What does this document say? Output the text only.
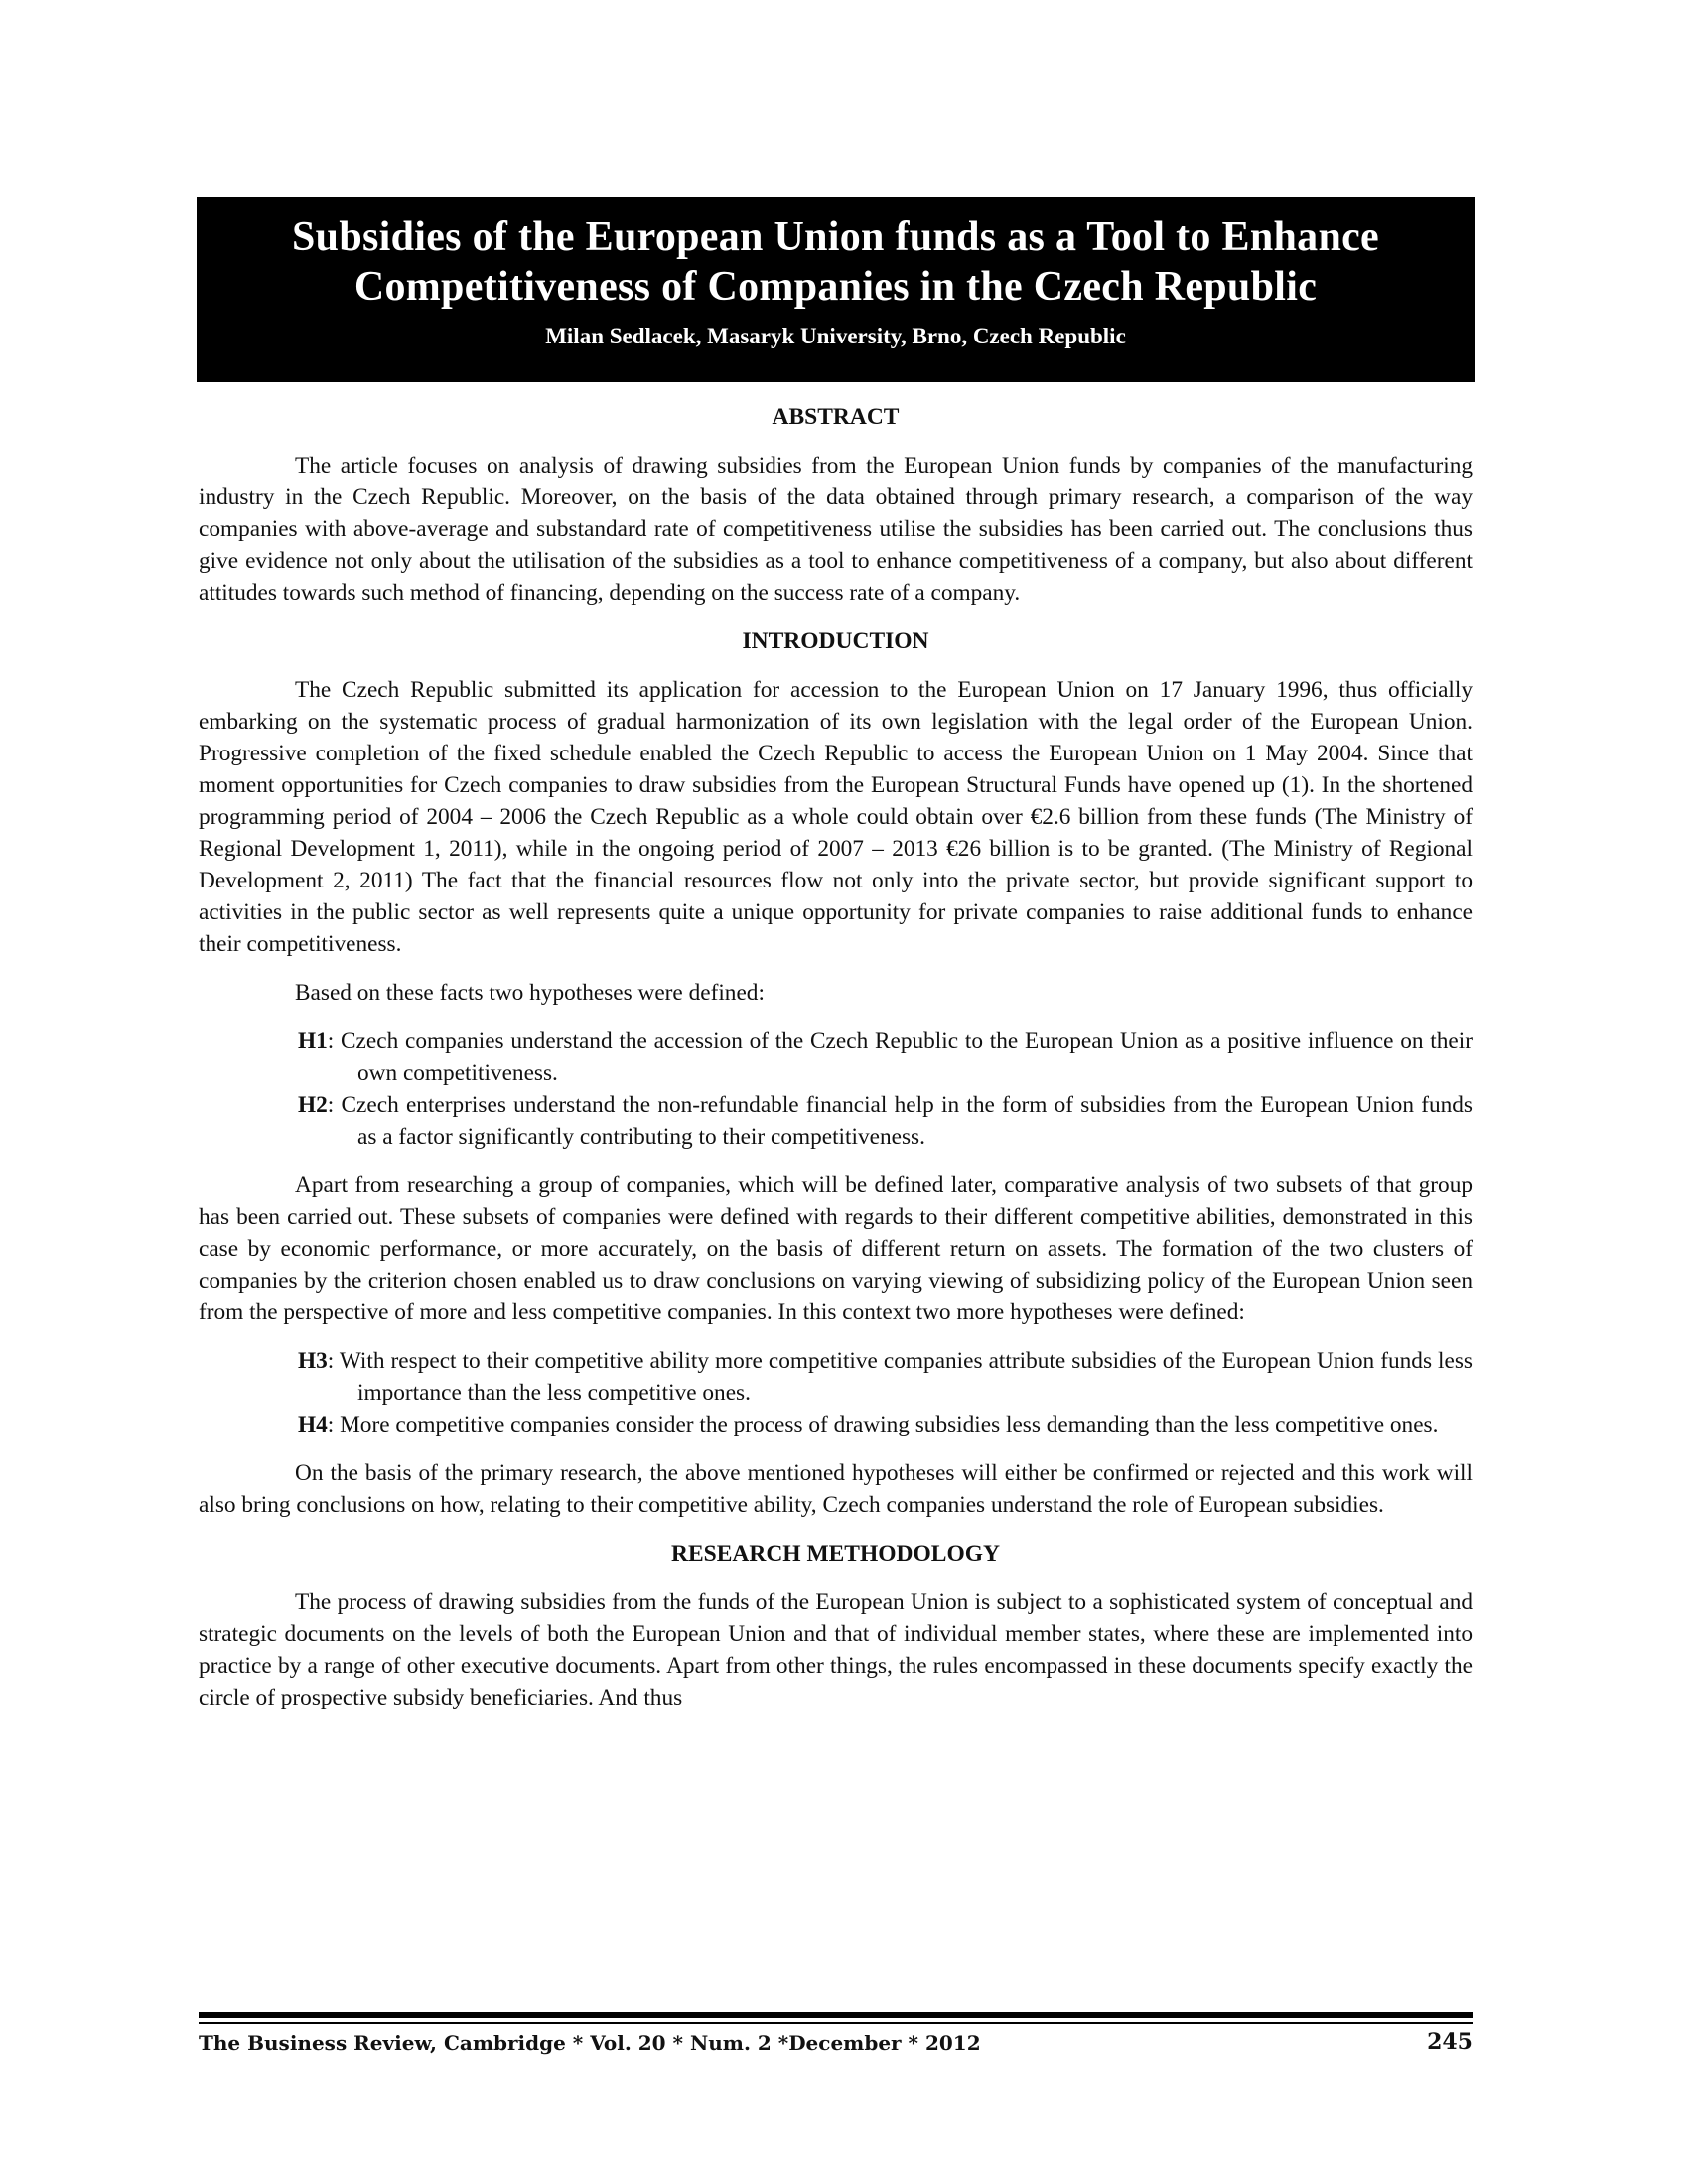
Subsidies of the European Union funds as a Tool to Enhance
Competitiveness of Companies in the Czech Republic
Milan Sedlacek, Masaryk University, Brno, Czech Republic
ABSTRACT

The article focuses on analysis of drawing subsidies from the European Union funds by companies of the manufacturing industry in the Czech Republic. Moreover, on the basis of the data obtained through primary research, a comparison of the way companies with above-average and substandard rate of competitiveness utilise the subsidies has been carried out. The conclusions thus give evidence not only about the utilisation of the subsidies as a tool to enhance competitiveness of a company, but also about different attitudes towards such method of financing, depending on the success rate of a company.

INTRODUCTION

The Czech Republic submitted its application for accession to the European Union on 17 January 1996, thus officially embarking on the systematic process of gradual harmonization of its own legislation with the legal order of the European Union. Progressive completion of the fixed schedule enabled the Czech Republic to access the European Union on 1 May 2004. Since that moment opportunities for Czech companies to draw subsidies from the European Structural Funds have opened up (1). In the shortened programming period of 2004 – 2006 the Czech Republic as a whole could obtain over €2.6 billion from these funds (The Ministry of Regional Development 1, 2011), while in the ongoing period of 2007 – 2013 €26 billion is to be granted. (The Ministry of Regional Development 2, 2011) The fact that the financial resources flow not only into the private sector, but provide significant support to activities in the public sector as well represents quite a unique opportunity for private companies to raise additional funds to enhance their competitiveness.

Based on these facts two hypotheses were defined:

H1: Czech companies understand the accession of the Czech Republic to the European Union as a positive influence on their own competitiveness.

H2: Czech enterprises understand the non-refundable financial help in the form of subsidies from the European Union funds as a factor significantly contributing to their competitiveness.

Apart from researching a group of companies, which will be defined later, comparative analysis of two subsets of that group has been carried out. These subsets of companies were defined with regards to their different competitive abilities, demonstrated in this case by economic performance, or more accurately, on the basis of different return on assets. The formation of the two clusters of companies by the criterion chosen enabled us to draw conclusions on varying viewing of subsidizing policy of the European Union seen from the perspective of more and less competitive companies. In this context two more hypotheses were defined:

H3: With respect to their competitive ability more competitive companies attribute subsidies of the European Union funds less importance than the less competitive ones.

H4: More competitive companies consider the process of drawing subsidies less demanding than the less competitive ones.

On the basis of the primary research, the above mentioned hypotheses will either be confirmed or rejected and this work will also bring conclusions on how, relating to their competitive ability, Czech companies understand the role of European subsidies.

RESEARCH METHODOLOGY

The process of drawing subsidies from the funds of the European Union is subject to a sophisticated system of conceptual and strategic documents on the levels of both the European Union and that of individual member states, where these are implemented into practice by a range of other executive documents. Apart from other things, the rules encompassed in these documents specify exactly the circle of prospective subsidy beneficiaries. And thus

The Business Review, Cambridge * Vol. 20 * Num. 2 *December * 2012	245
